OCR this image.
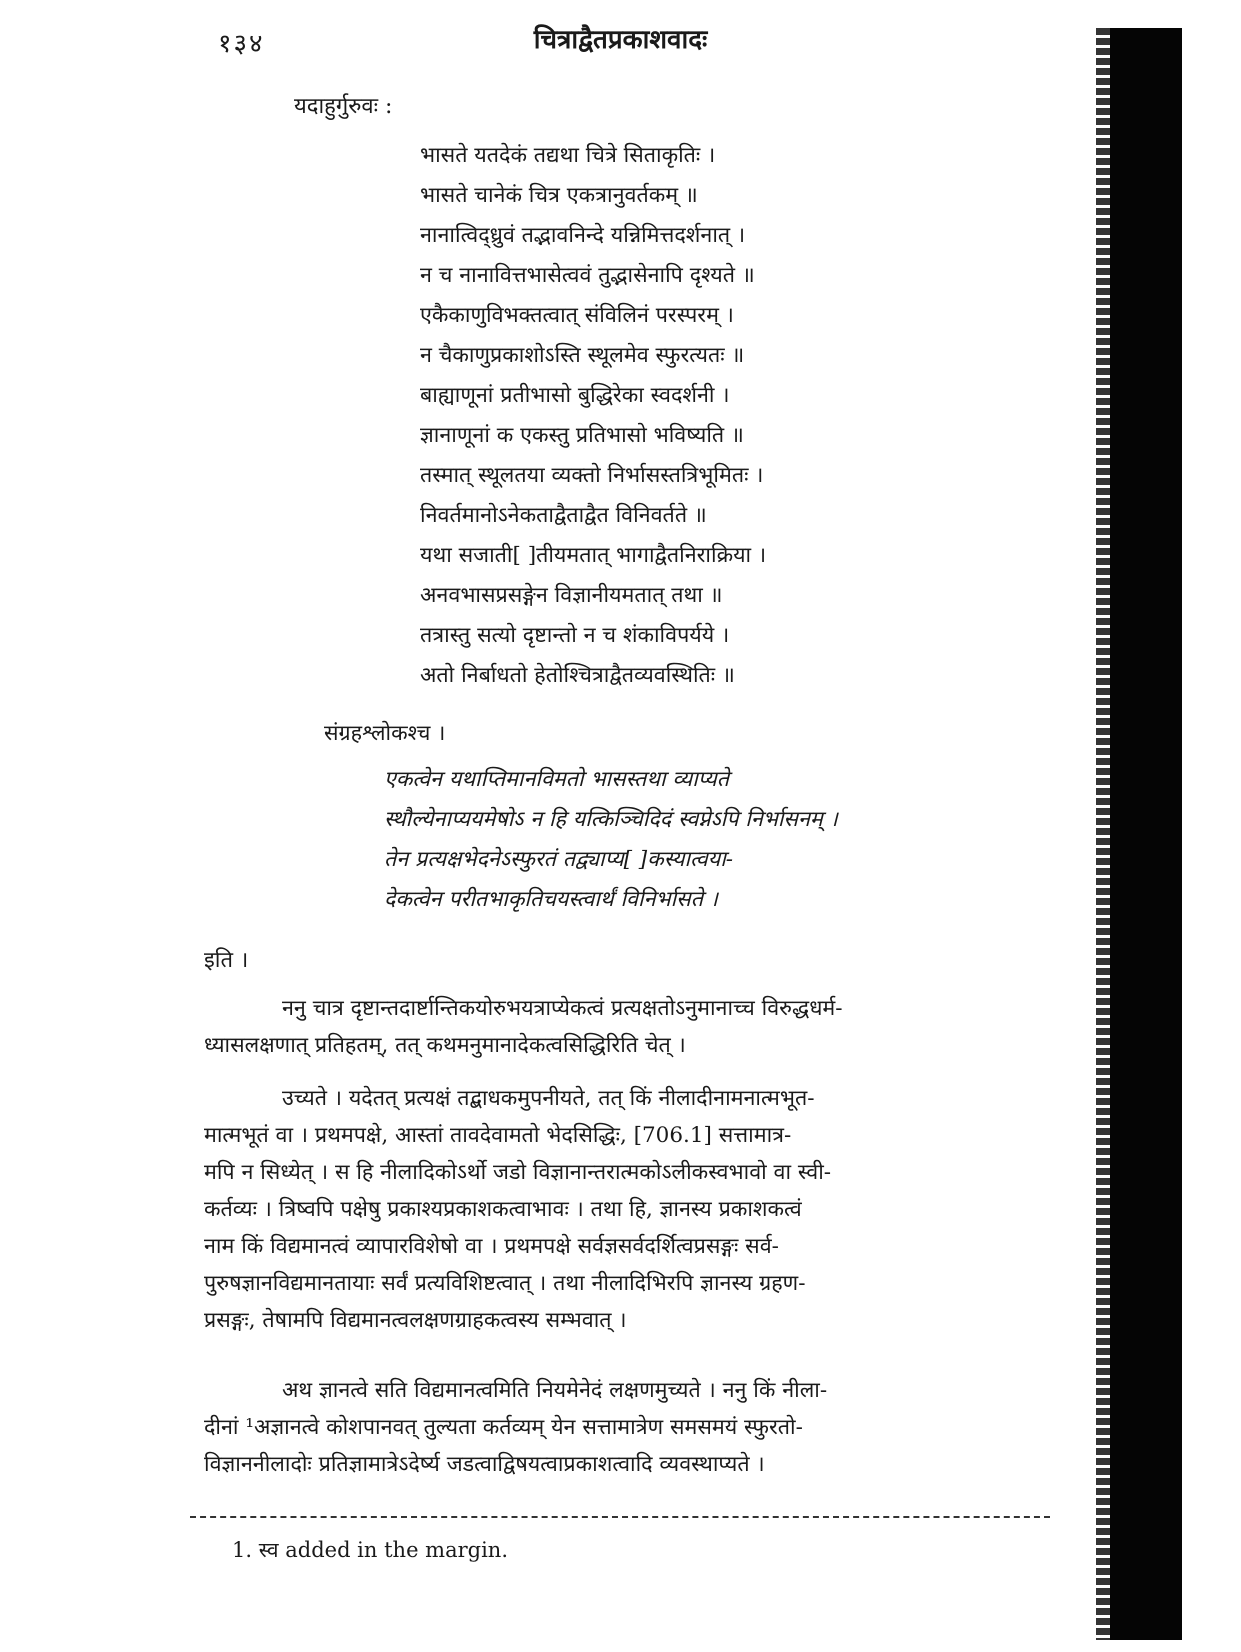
१३४	चित्राद्वैतप्रकाशवादः
यदाहुर्गुरुवः :
भासते यतदेकं तद्यथा चित्रे सिताकृतिः ।
भासते चानेकं चित्र एकत्रानुवर्तकम् ॥
नानात्विद्ध्रुवं तद्भावनिन्दे यन्निमित्तदर्शनात् ।
न च नानावित्तभासेत्ववं तुद्भासेनापि दृश्यते ॥
एकैकाणुविभक्तत्वात् संविलिनं परस्परम् ।
न चैकाणुप्रकाशोऽस्ति स्थूलमेव स्फुरत्यतः ॥
बाह्याणूनां प्रतीभासो बुद्धिरेका स्वदर्शनी ।
ज्ञानाणूनां क एकस्तु प्रतिभासो भविष्यति ॥
तस्मात् स्थूलतया व्यक्तो निर्भासस्तत्रिभूमितः ।
निवर्तमानोऽनेकताद्वैताद्वैत विनिवर्तते ॥
यथा सजाती[ ]तीयमतात् भागाद्वैतनिराक्रिया ।
अनवभासप्रसङ्गेन विज्ञानीयमतात् तथा ॥
तत्रास्तु सत्यो दृष्टान्तो न च शंकाविपर्यये ।
अतो निर्बाधतो हेतोश्चित्राद्वैतव्यवस्थितिः ॥
संग्रहश्लोकश्च ।
एकत्वेन यथाप्तिमानविमतो भासस्तथा व्याप्यते
स्थौल्येनाप्ययमेषोऽ न हि यत्किञ्चिदिदं स्वप्नेऽपि निर्भासनम् ।
तेन प्रत्यक्षभेदनेऽस्फुरतं तद्व्याप्य[ ]कस्यात्वया-
देकत्वेन परीतभाकृतिचयस्त्वार्थं विनिर्भासते ।
इति ।
ननु चात्र दृष्टान्तदार्ष्टान्तिकयोरुभयत्राप्येकत्वं प्रत्यक्षतोऽनुमानाच्च विरुद्धधर्म-
ध्यासलक्षणात् प्रतिहतम्, तत् कथमनुमानादेकत्वसिद्धिरिति चेत् ।
उच्यते । यदेतत् प्रत्यक्षं तद्बाधकमुपनीयते, तत् किं नीलादीनामनात्मभूत-
मात्मभूतं वा । प्रथमपक्षे, आस्तां तावदेवामतो भेदसिद्धिः, [706.1] सत्तामात्र-
मपि न सिध्येत् । स हि नीलादिकोऽर्थो जडो विज्ञानान्तरात्मकोऽलीकस्वभावो वा स्वी-
कर्तव्यः । त्रिष्वपि पक्षेषु प्रकाश्यप्रकाशकत्वाभावः । तथा हि, ज्ञानस्य प्रकाशकत्वं
नाम किं विद्यमानत्वं व्यापारविशेषो वा । प्रथमपक्षे सर्वज्ञसर्वदर्शित्वप्रसङ्गः सर्व-
पुरुषज्ञानविद्यमानतायाः सर्वं प्रत्यविशिष्टत्वात् । तथा नीलादिभिरपि ज्ञानस्य ग्रहण-
प्रसङ्गः, तेषामपि विद्यमानत्वलक्षणग्राहकत्वस्य सम्भवात् ।
अथ ज्ञानत्वे सति विद्यमानत्वमिति नियमेनेदं लक्षणमुच्यते । ननु किं नीला-
दीनां ¹अज्ञानत्वे कोशपानवत् तुल्यता कर्तव्यम् येन सत्तामात्रेण समसमयं स्फुरतो-
विज्ञाननीलादोः प्रतिज्ञामात्रेऽदेर्ष्य जडत्वाद्विषयत्वाप्रकाशत्वादि व्यवस्थाप्यते ।
1. स्व added in the margin.
